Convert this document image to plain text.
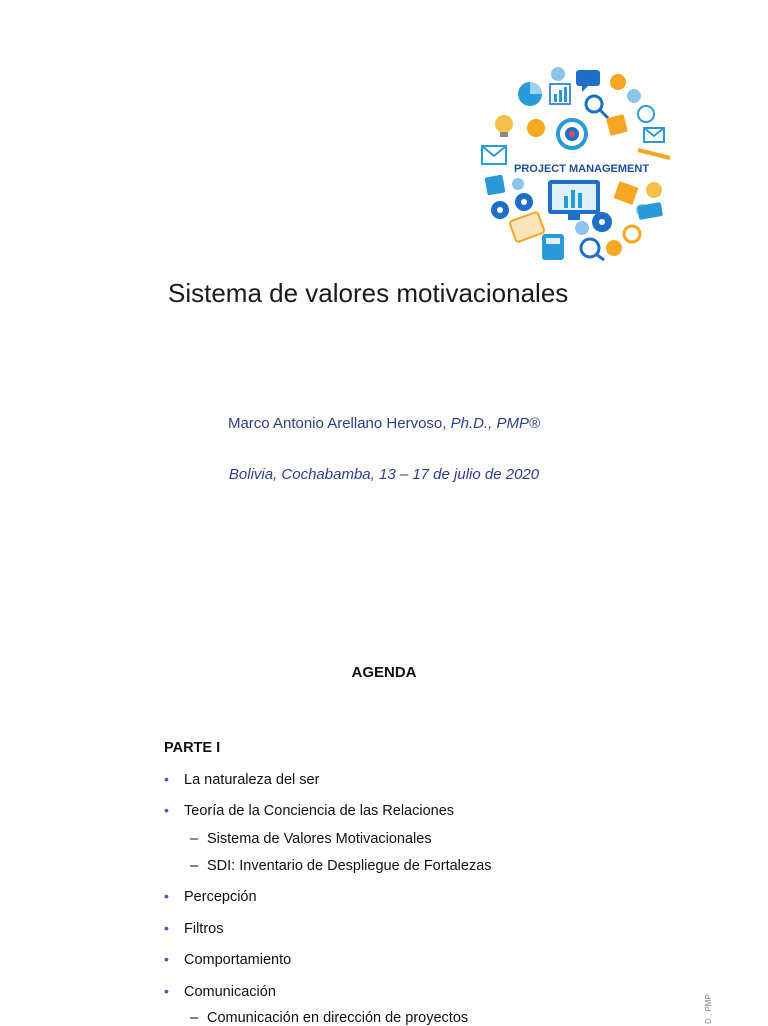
PROJECT MANAGEMENT
Sistema de valores motivacionales
Marco Antonio Arellano Hervoso, Ph.D., PMP®
Bolivia, Cochabamba, 13 – 17 de julio de 2020
AGENDA
PARTE I
• La naturaleza del ser
• Teoría de la Conciencia de las Relaciones
– Sistema de Valores Motivacionales
– SDI: Inventario de Despliegue de Fortalezas
• Percepción
• Filtros
• Comportamiento
• Comunicación
– Comunicación en dirección de proyectos	D., PMP
